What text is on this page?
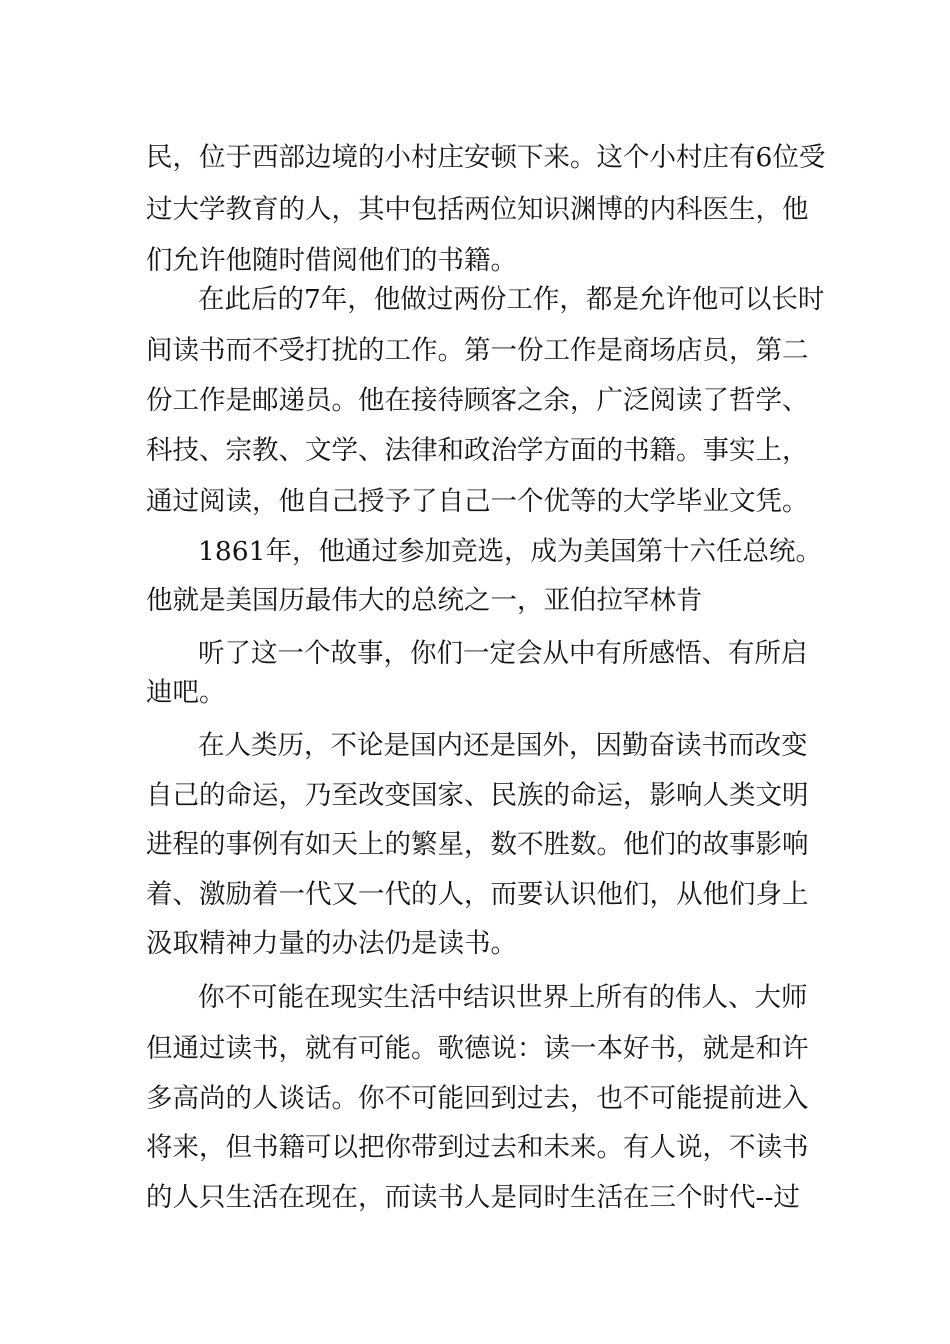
民，位于西部边境的小村庄安顿下来。这个小村庄有6位受
过大学教育的人，其中包括两位知识渊博的内科医生，他
们允许他随时借阅他们的书籍。
在此后的7年，他做过两份工作，都是允许他可以长时
间读书而不受打扰的工作。第一份工作是商场店员，第二
份工作是邮递员。他在接待顾客之余，广泛阅读了哲学、
科技、宗教、文学、法律和政治学方面的书籍。事实上，
通过阅读，他自己授予了自己一个优等的大学毕业文凭。
1861年，他通过参加竞选，成为美国第十六任总统。
他就是美国历最伟大的总统之一，亚伯拉罕林肯
听了这一个故事，你们一定会从中有所感悟、有所启
迪吧。
在人类历，不论是国内还是国外，因勤奋读书而改变
自己的命运，乃至改变国家、民族的命运，影响人类文明
进程的事例有如天上的繁星，数不胜数。他们的故事影响
着、激励着一代又一代的人，而要认识他们，从他们身上
汲取精神力量的办法仍是读书。
你不可能在现实生活中结识世界上所有的伟人、大师
但通过读书，就有可能。歌德说：读一本好书，就是和许
多高尚的人谈话。你不可能回到过去，也不可能提前进入
将来，但书籍可以把你带到过去和未来。有人说，不读书
的人只生活在现在，而读书人是同时生活在三个时代--过
